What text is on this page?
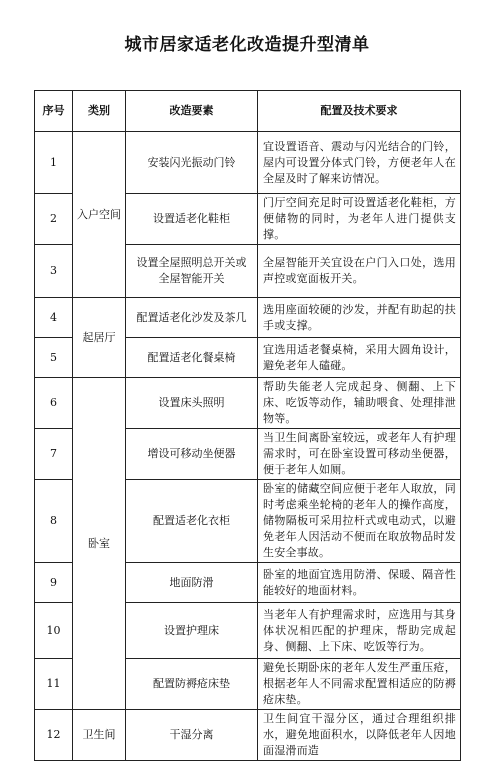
城市居家适老化改造提升型清单
序号	类别	改造要素	配置及技术要求
1	入户空间	安装闪光振动门铃	宜设置语音、震动与闪光结合的门铃，屋内可设置分体式门铃，方便老年人在全屋及时了解来访情况。
2		设置适老化鞋柜	门厅空间充足时可设置适老化鞋柜，方便储物的同时，为老年人进门提供支撑。
3		设置全屋照明总开关或全屋智能开关	全屋智能开关宜设在户门入口处，选用声控或宽面板开关。
4	起居厅	配置适老化沙发及茶几	选用座面较硬的沙发，并配有助起的扶手或支撑。
5		配置适老化餐桌椅	宜选用适老餐桌椅，采用大圆角设计，避免老年人磕碰。
6	卧室	设置床头照明	帮助失能老人完成起身、侧翻、上下床、吃饭等动作，辅助喂食、处理排泄物等。
7		增设可移动坐便器	当卫生间离卧室较远，或老年人有护理需求时，可在卧室设置可移动坐便器，便于老年人如厕。
8		配置适老化衣柜	卧室的储藏空间应便于老年人取放，同时考虑乘坐轮椅的老年人的操作高度，储物隔板可采用拉杆式或电动式，以避免老年人因活动不便而在取放物品时发生安全事故。
9		地面防滑	卧室的地面宜选用防滑、保暖、隔音性能较好的地面材料。
10		设置护理床	当老年人有护理需求时，应选用与其身体状况相匹配的护理床，帮助完成起身、侧翻、上下床、吃饭等行为。
11		配置防褥疮床垫	避免长期卧床的老年人发生严重压疮，根据老年人不同需求配置相适应的防褥疮床垫。
12	卫生间	干湿分离	卫生间宜干湿分区，通过合理组织排水，避免地面积水，以降低老年人因地面湿滑而造
